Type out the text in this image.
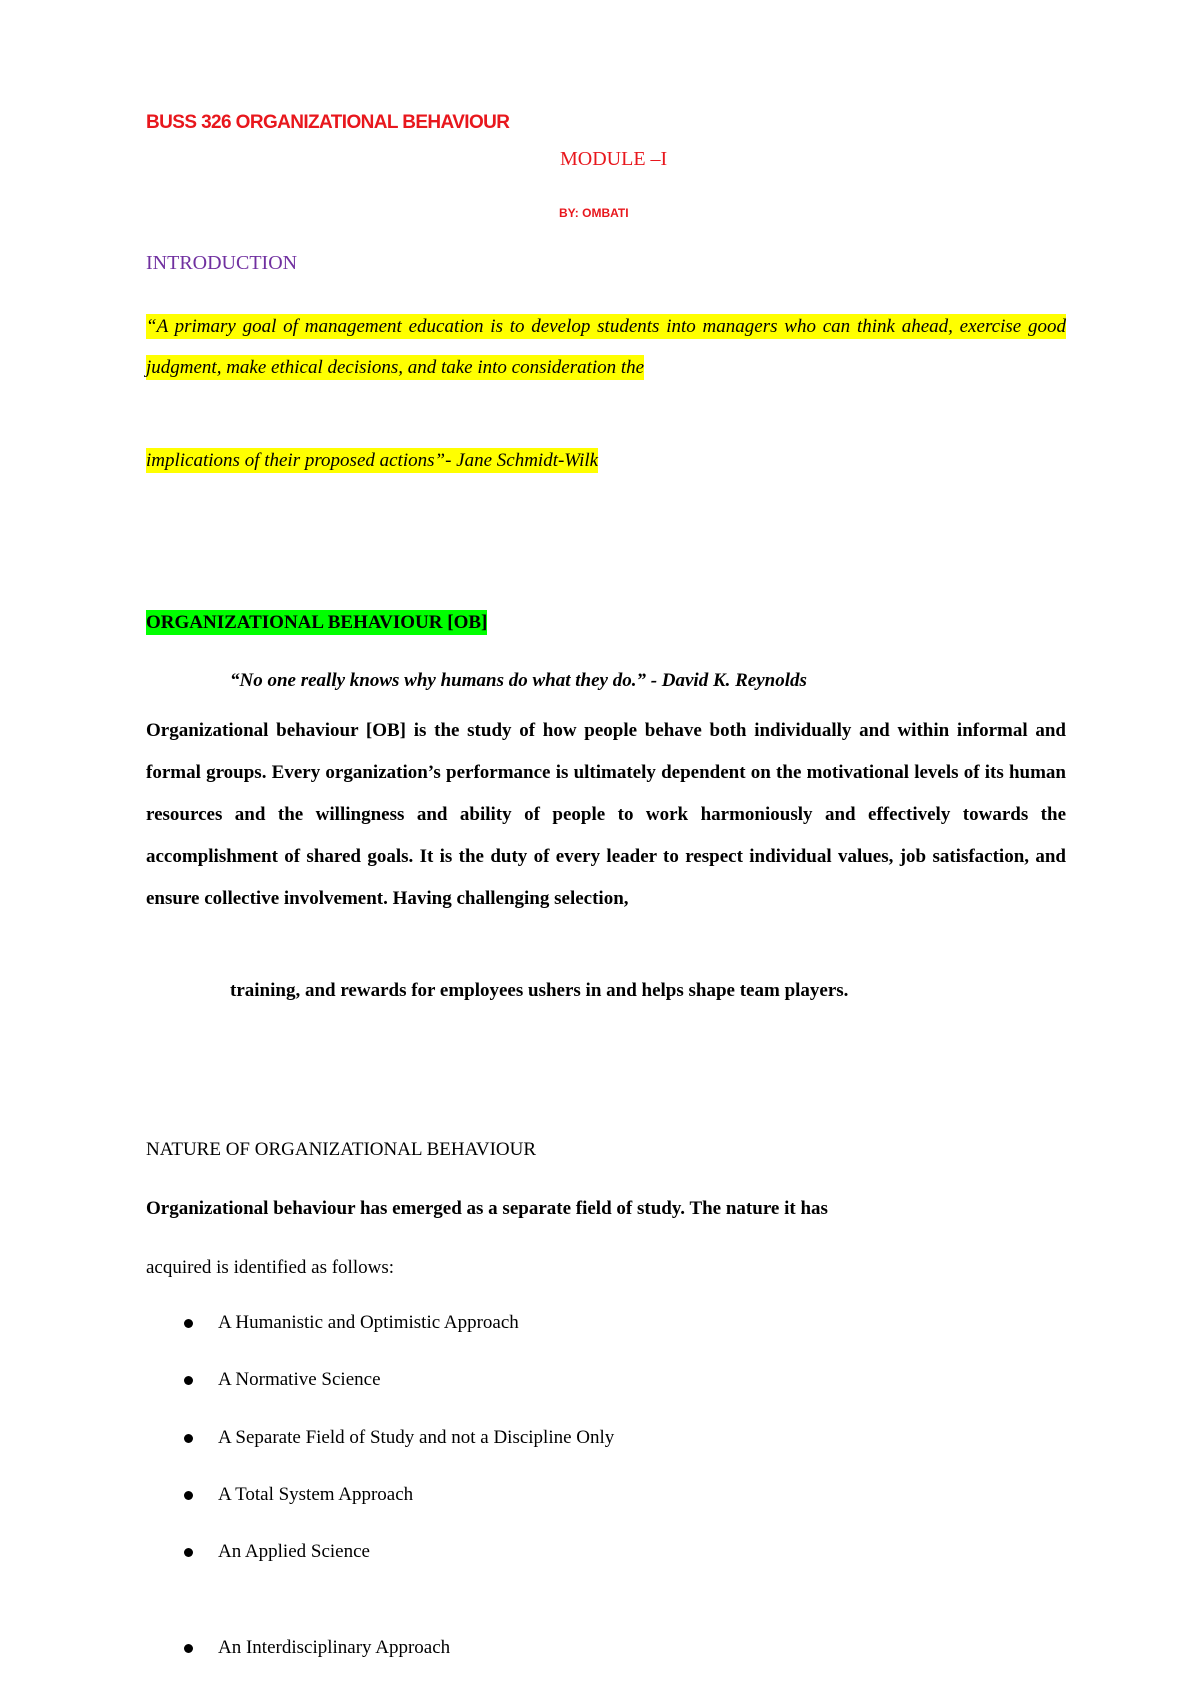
BUSS 326 ORGANIZATIONAL BEHAVIOUR
MODULE –I
BY: OMBATI
INTRODUCTION
“A primary goal of management education is to develop students into managers who can think ahead, exercise good judgment, make ethical decisions, and take into consideration the
implications of their proposed actions”- Jane Schmidt-Wilk
ORGANIZATIONAL BEHAVIOUR [OB]
“No one really knows why humans do what they do.” - David K. Reynolds
Organizational behaviour [OB] is the study of how people behave both individually and within informal and formal groups. Every organization’s performance is ultimately dependent on the motivational levels of its human resources and the willingness and ability of people to work harmoniously and effectively towards the accomplishment of shared goals. It is the duty of every leader to respect individual values, job satisfaction, and ensure collective involvement. Having challenging selection,
training, and rewards for employees ushers in and helps shape team players.
NATURE OF ORGANIZATIONAL BEHAVIOUR
Organizational behaviour has emerged as a separate field of study. The nature it has
acquired is identified as follows:
A Humanistic and Optimistic Approach
A Normative Science
A Separate Field of Study and not a Discipline Only
A Total System Approach
An Applied Science
An Interdisciplinary Approach
